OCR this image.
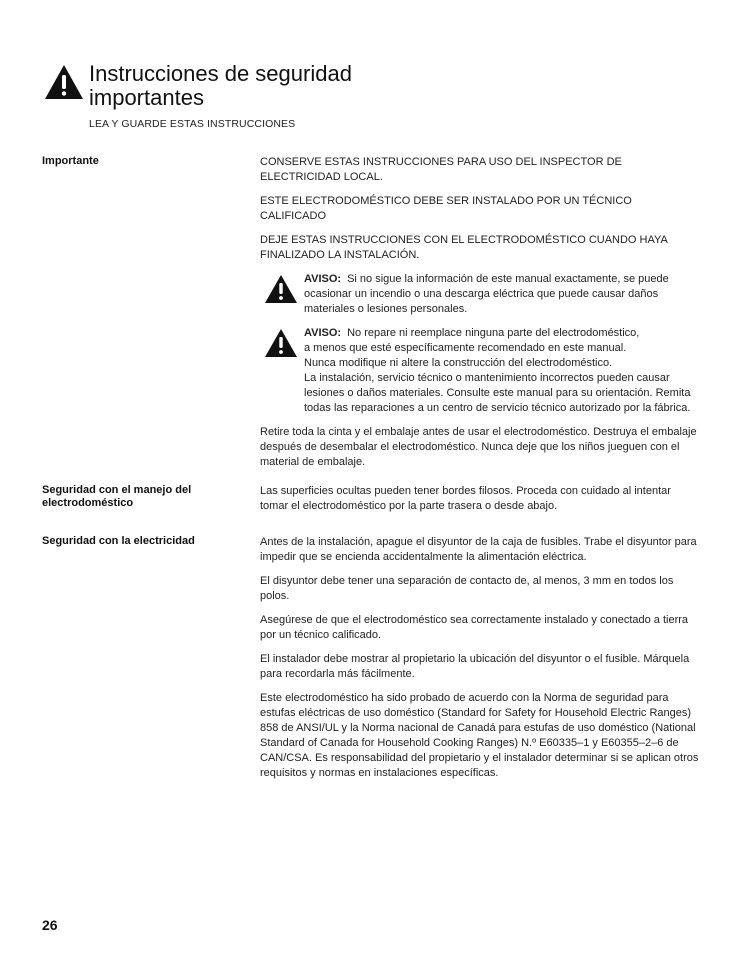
Instrucciones de seguridad
importantes
LEA Y GUARDE ESTAS INSTRUCCIONES
Importante	CONSERVE ESTAS INSTRUCCIONES PARA USO DEL INSPECTOR DE ELECTRICIDAD LOCAL.

ESTE ELECTRODOMÉSTICO DEBE SER INSTALADO POR UN TÉCNICO CALIFICADO

DEJE ESTAS INSTRUCCIONES CON EL ELECTRODOMÉSTICO CUANDO HAYA FINALIZADO LA INSTALACIÓN.

AVISO: Si no sigue la información de este manual exactamente, se puede ocasionar un incendio o una descarga eléctrica que puede causar daños materiales o lesiones personales.
AVISO: No repare ni reemplace ninguna parte del electrodoméstico,
a menos que esté específicamente recomendado en este manual.
Nunca modifique ni altere la construcción del electrodoméstico.
La instalación, servicio técnico o mantenimiento incorrectos pueden causar lesiones o daños materiales. Consulte este manual para su orientación. Remita todas las reparaciones a un centro de servicio técnico autorizado por la fábrica.

Retire toda la cinta y el embalaje antes de usar el electrodoméstico. Destruya el embalaje después de desembalar el electrodoméstico. Nunca deje que los niños jueguen con el material de embalaje.

Seguridad con el manejo del electrodoméstico

Las superficies ocultas pueden tener bordes filosos. Proceda con cuidado al intentar tomar el electrodoméstico por la parte trasera o desde abajo.

Seguridad con la electricidad	Antes de la instalación, apague el disyuntor de la caja de fusibles. Trabe el disyuntor para impedir que se encienda accidentalmente la alimentación eléctrica.

El disyuntor debe tener una separación de contacto de, al menos, 3 mm en todos los polos.

Asegúrese de que el electrodoméstico sea correctamente instalado y conectado a tierra por un técnico calificado.

El instalador debe mostrar al propietario la ubicación del disyuntor o el fusible. Márquela para recordarla más fácilmente.

Este electrodoméstico ha sido probado de acuerdo con la Norma de seguridad para estufas eléctricas de uso doméstico (Standard for Safety for Household Electric Ranges) 858 de ANSI/UL y la Norma nacional de Canadá para estufas de uso doméstico (National Standard of Canada for Household Cooking Ranges) N.º E60335–1 y E60355–2–6 de CAN/CSA. Es responsabilidad del propietario y el instalador determinar si se aplican otros requisitos y normas en instalaciones específicas.

26
